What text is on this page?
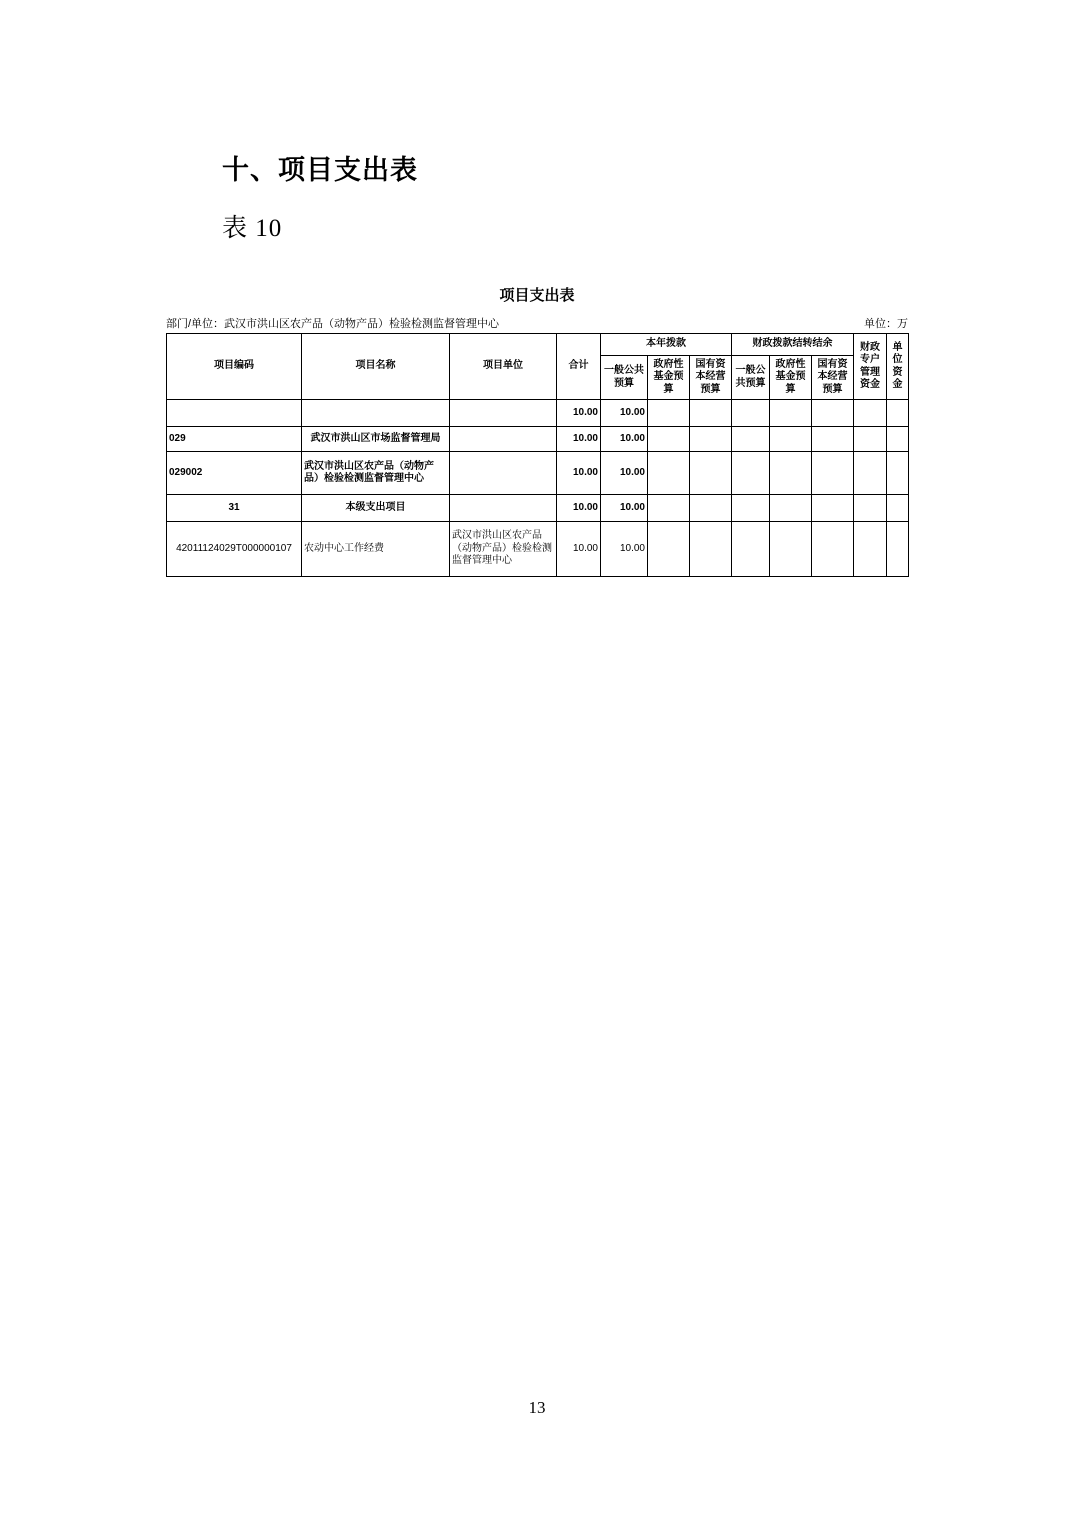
十、项目支出表
表 10
项目支出表
部门/单位：武汉市洪山区农产品（动物产品）检验检测监督管理中心	单位：万
项目编码	项目名称	项目单位	合计	本年拨款			财政拨款结转结余			财政专户管理资金	单位资金
				一般公共预算	政府性基金预算	国有资本经营预算	一般公共预算	政府性基金预算	国有资本经营预算		
			10.00	10.00							
029	武汉市洪山区市场监督管理局		10.00	10.00							
029002	武汉市洪山区农产品（动物产品）检验检测监督管理中心		10.00	10.00							
31	本级支出项目		10.00	10.00							
42011124029T000000107	农动中心工作经费	武汉市洪山区农产品（动物产品）检验检测监督管理中心	10.00	10.00							
13
